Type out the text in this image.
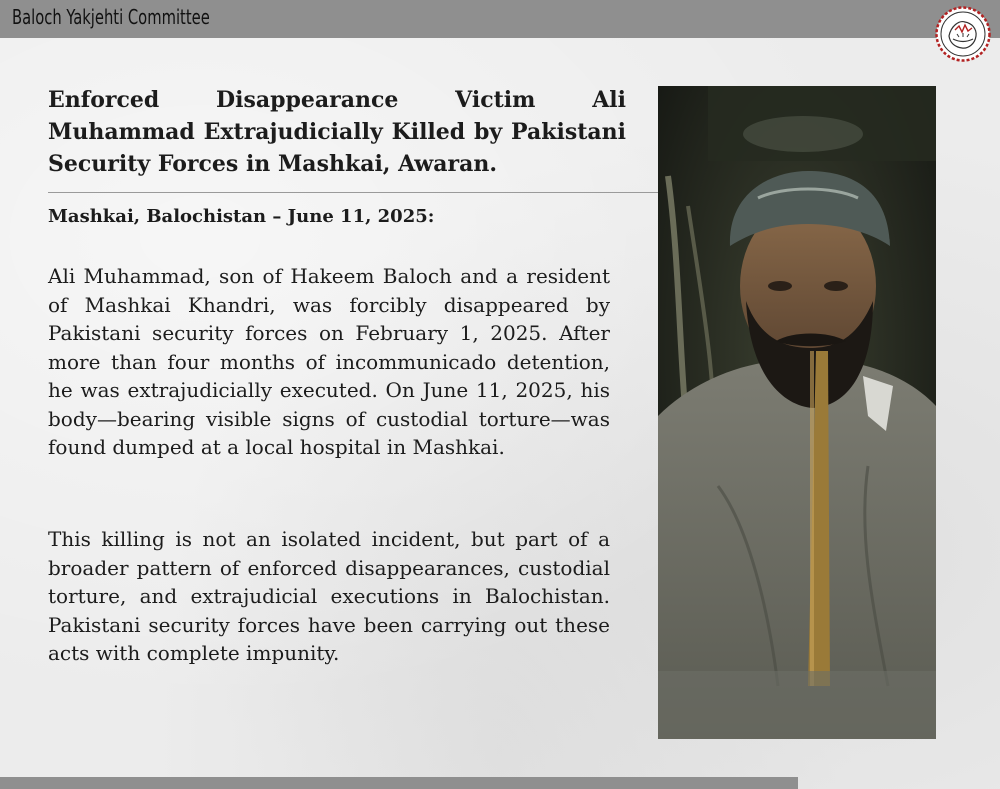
Baloch Yakjehti Committee
Enforced Disappearance Victim Ali Muhammad Extrajudicially Killed by Pakistani Security Forces in Mashkai, Awaran.

Mashkai, Balochistan – June 11, 2025:

Ali Muhammad, son of Hakeem Baloch and a resident of Mashkai Khandri, was forcibly disappeared by Pakistani security forces on February 1, 2025. After more than four months of incommunicado detention, he was extrajudicially executed. On June 11, 2025, his body—bearing visible signs of custodial torture—was found dumped at a local hospital in Mashkai.

This killing is not an isolated incident, but part of a broader pattern of enforced disappearances, custodial torture, and extrajudicial executions in Balochistan. Pakistani security forces have been carrying out these acts with complete impunity.
